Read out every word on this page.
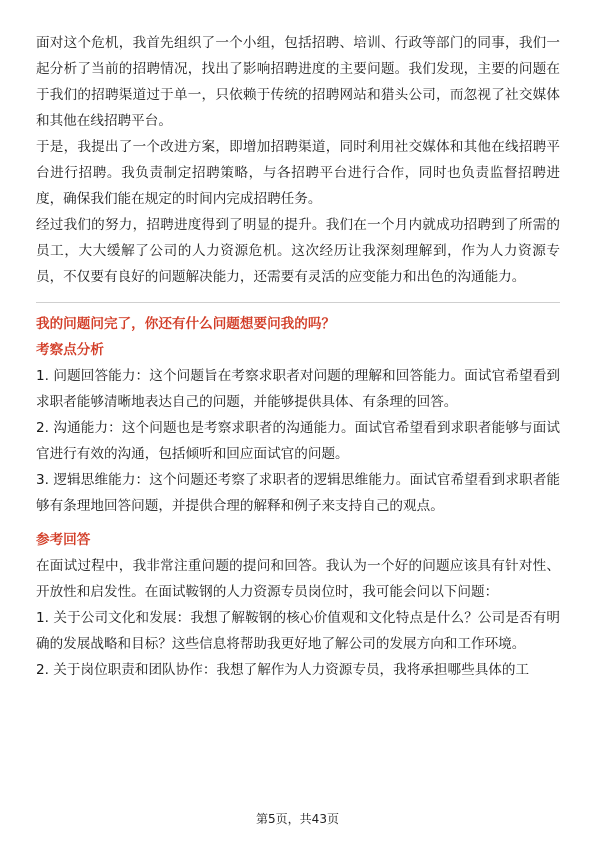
面对这个危机，我首先组织了一个小组，包括招聘、培训、行政等部门的同事，我们一起分析了当前的招聘情况，找出了影响招聘进度的主要问题。我们发现，主要的问题在于我们的招聘渠道过于单一，只依赖于传统的招聘网站和猎头公司，而忽视了社交媒体和其他在线招聘平台。

于是，我提出了一个改进方案，即增加招聘渠道，同时利用社交媒体和其他在线招聘平台进行招聘。我负责制定招聘策略，与各招聘平台进行合作，同时也负责监督招聘进度，确保我们能在规定的时间内完成招聘任务。

经过我们的努力，招聘进度得到了明显的提升。我们在一个月内就成功招聘到了所需的员工，大大缓解了公司的人力资源危机。这次经历让我深刻理解到，作为人力资源专员，不仅要有良好的问题解决能力，还需要有灵活的应变能力和出色的沟通能力。

我的问题问完了，你还有什么问题想要问我的吗？
考察点分析

1. 问题回答能力：这个问题旨在考察求职者对问题的理解和回答能力。面试官希望看到求职者能够清晰地表达自己的问题，并能够提供具体、有条理的回答。

2. 沟通能力：这个问题也是考察求职者的沟通能力。面试官希望看到求职者能够与面试官进行有效的沟通，包括倾听和回应面试官的问题。

3. 逻辑思维能力：这个问题还考察了求职者的逻辑思维能力。面试官希望看到求职者能够有条理地回答问题，并提供合理的解释和例子来支持自己的观点。

参考回答

在面试过程中，我非常注重问题的提问和回答。我认为一个好的问题应该具有针对性、开放性和启发性。在面试鞍钢的人力资源专员岗位时，我可能会问以下问题：

1. 关于公司文化和发展：我想了解鞍钢的核心价值观和文化特点是什么？公司是否有明确的发展战略和目标？这些信息将帮助我更好地了解公司的发展方向和工作环境。

2. 关于岗位职责和团队协作：我想了解作为人力资源专员，我将承担哪些具体的工

第5页，共43页
